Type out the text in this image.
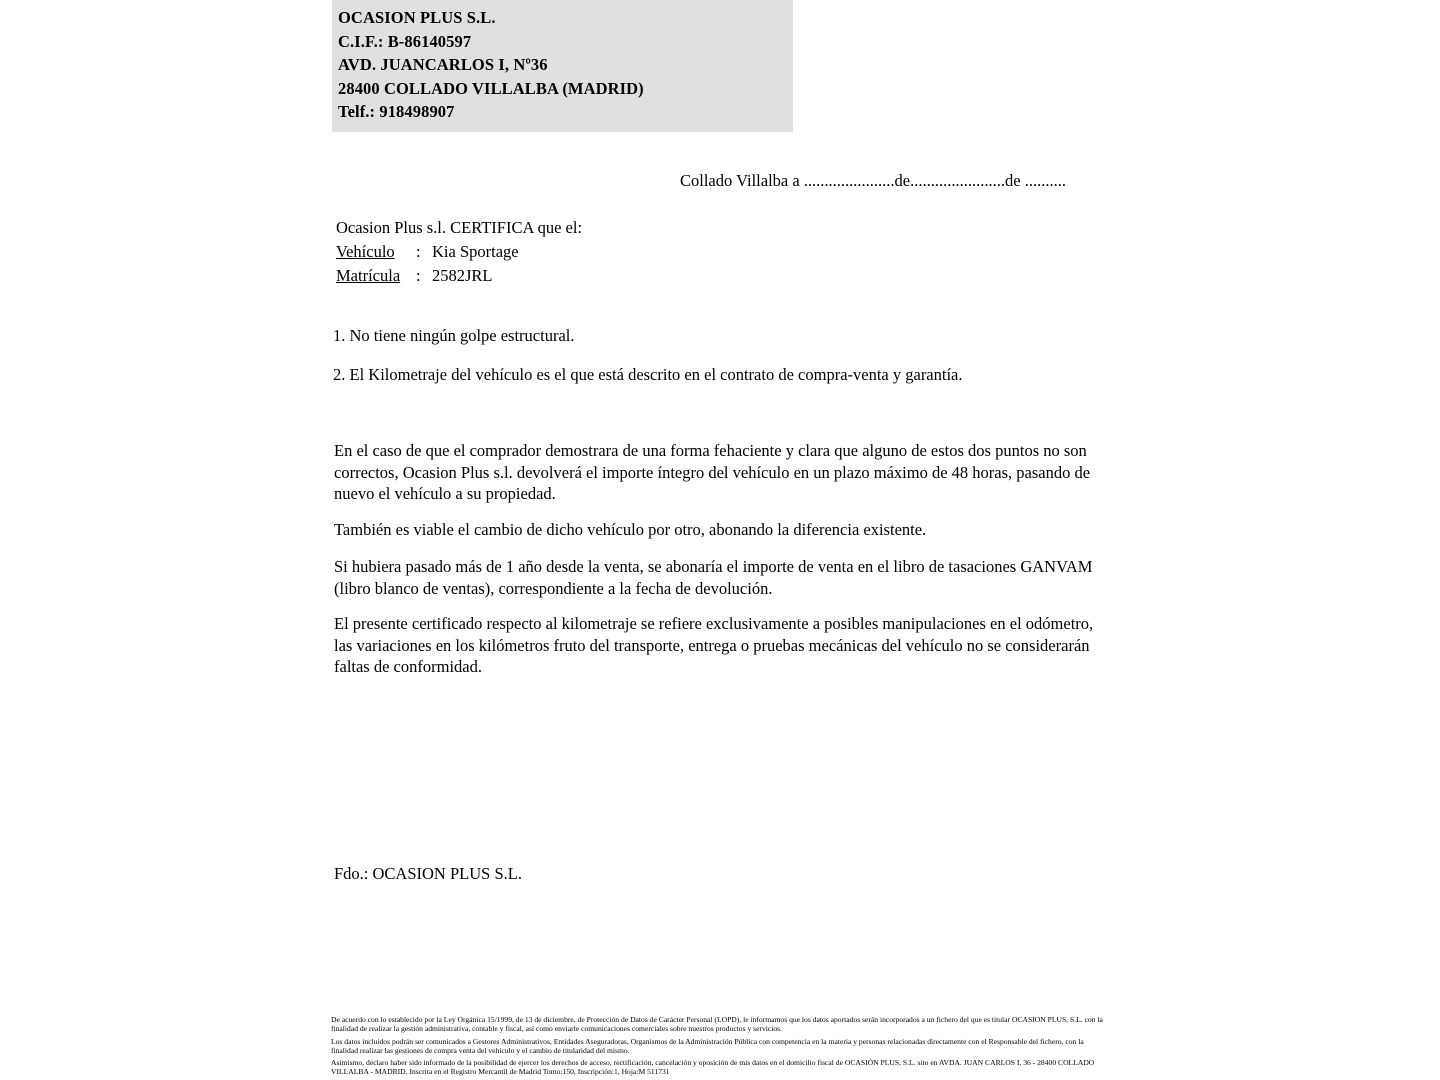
OCASION PLUS S.L.
C.I.F.: B-86140597
AVD. JUANCARLOS I, Nº36
28400 COLLADO VILLALBA (MADRID)
Telf.: 918498907
Collado Villalba a ......................de.......................de ..........
Ocasion Plus s.l. CERTIFICA que el:
Vehículo	: Kia Sportage
Matrícula : 2582JRL
1. No tiene ningún golpe estructural.
2. El Kilometraje del vehículo es el que está descrito en el contrato de compra-venta y garantía.
En el caso de que el comprador demostrara de una forma fehaciente y clara que alguno de estos dos puntos no son correctos, Ocasion Plus s.l. devolverá el importe íntegro del vehículo en un plazo máximo de 48 horas, pasando de nuevo el vehículo a su propiedad.
También es viable el cambio de dicho vehículo por otro, abonando la diferencia existente.
Si hubiera pasado más de 1 año desde la venta, se abonaría el importe de venta en el libro de tasaciones GANVAM (libro blanco de ventas), correspondiente a la fecha de devolución.
El presente certificado respecto al kilometraje se refiere exclusivamente a posibles manipulaciones en el odómetro, las variaciones en los kilómetros fruto del transporte, entrega o pruebas mecánicas del vehículo no se considerarán faltas de conformidad.
Fdo.: OCASION PLUS S.L.

De acuerdo con lo establecido por la Ley Orgánica 15/1999, de 13 de diciembre, de Protección de Datos de Carácter Personal (LOPD), le informamos que los datos aportados serán incorporados a un fichero del que es titular OCASION PLUS, S.L. con la finalidad de realizar la gestión administrativa, contable y fiscal, así como enviarle comunicaciones comerciales sobre nuestros productos y servicios.

Los datos incluidos podrán ser comunicados a Gestores Administrativos, Entidades Aseguradoras, Organismos de la Administración Pública con competencia en la materia y personas relacionadas directamente con el Responsable del fichero, con la finalidad realizar las gestiones de compra venta del vehículo y el cambio de titularidad del mismo.

Asimismo, declaro haber sido informado de la posibilidad de ejercer los derechos de acceso, rectificación, cancelación y oposición de mis datos en el domicilio fiscal de OCASIÓN PLUS, S.L. sito en AVDA. JUAN CARLOS I, 36 - 28400 COLLADO VILLALBA - MADRID. Inscrita en el Registro Mercantil de Madrid Tomo:150, Inscripción:1, Hoja:M 511731
